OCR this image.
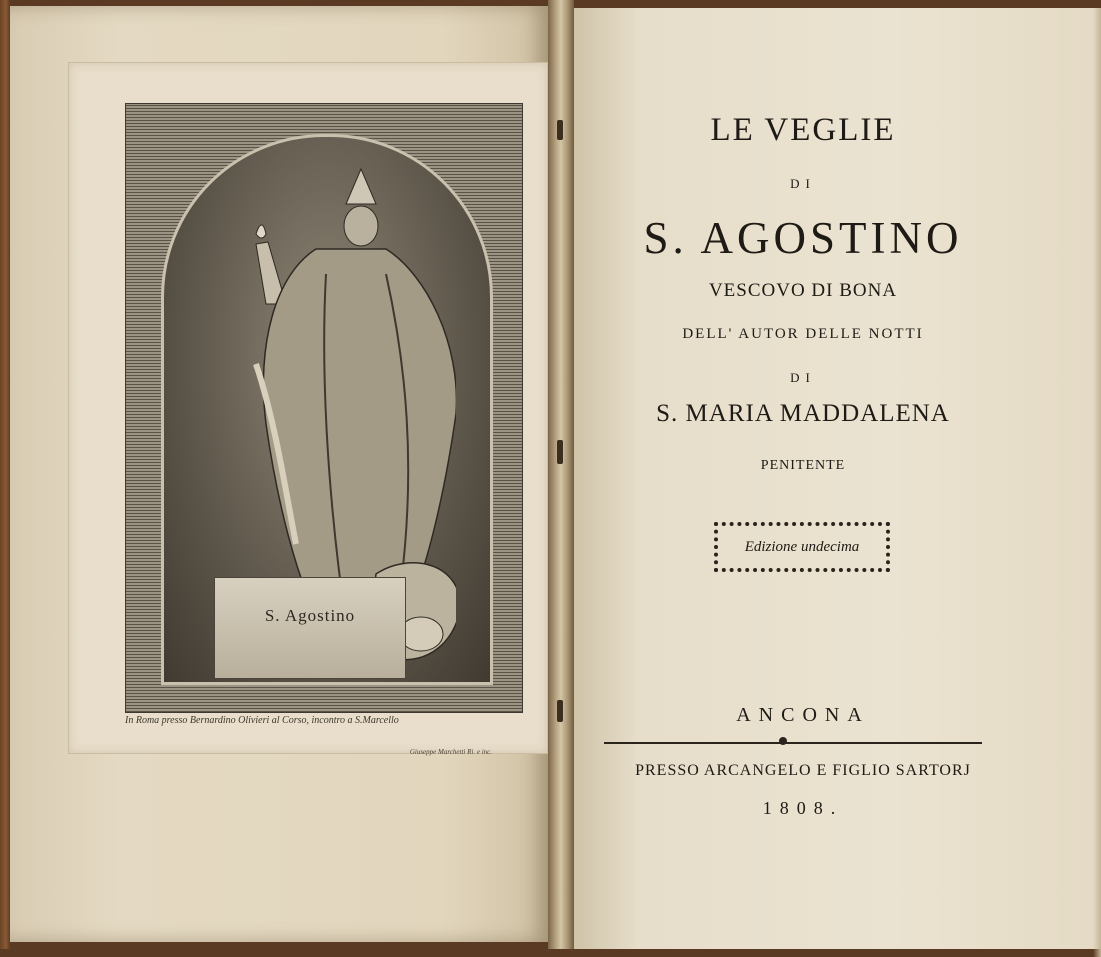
S. Agostino
Giuseppe Marchetti Ri. e inc.
In Roma presso Bernardino Olivieri al Corso, incontro a S.Marcello
LE VEGLIE
DI
S. AGOSTINO
VESCOVO DI BONA
DELL' AUTOR DELLE NOTTI
DI
S. MARIA MADDALENA
PENITENTE
Edizione undecima
ANCONA
PRESSO ARCANGELO E FIGLIO SARTORJ
1808.
